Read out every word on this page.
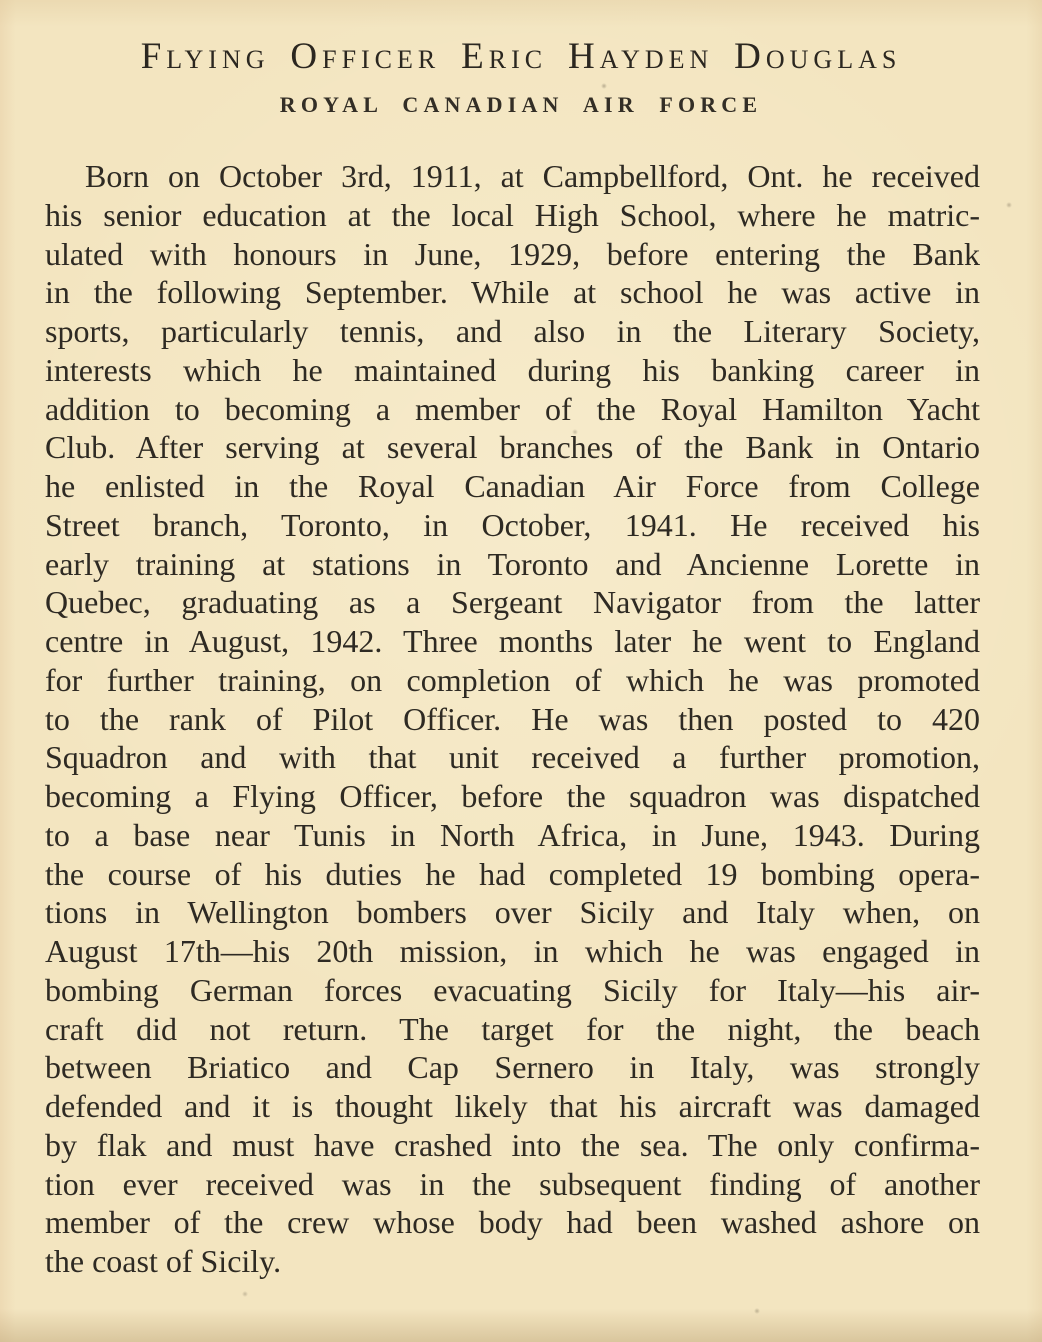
Flying Officer Eric Hayden Douglas
ROYAL CANADIAN AIR FORCE
Born on October 3rd, 1911, at Campbellford, Ont. he received
his senior education at the local High School, where he matric-
ulated with honours in June, 1929, before entering the Bank
in the following September. While at school he was active in
sports, particularly tennis, and also in the Literary Society,
interests which he maintained during his banking career in
addition to becoming a member of the Royal Hamilton Yacht
Club. After serving at several branches of the Bank in Ontario
he enlisted in the Royal Canadian Air Force from College
Street branch, Toronto, in October, 1941. He received his
early training at stations in Toronto and Ancienne Lorette in
Quebec, graduating as a Sergeant Navigator from the latter
centre in August, 1942. Three months later he went to England
for further training, on completion of which he was promoted
to the rank of Pilot Officer. He was then posted to 420
Squadron and with that unit received a further promotion,
becoming a Flying Officer, before the squadron was dispatched
to a base near Tunis in North Africa, in June, 1943. During
the course of his duties he had completed 19 bombing opera-
tions in Wellington bombers over Sicily and Italy when, on
August 17th—his 20th mission, in which he was engaged in
bombing German forces evacuating Sicily for Italy—his air-
craft did not return. The target for the night, the beach
between Briatico and Cap Sernero in Italy, was strongly
defended and it is thought likely that his aircraft was damaged
by flak and must have crashed into the sea. The only confirma-
tion ever received was in the subsequent finding of another
member of the crew whose body had been washed ashore on
the coast of Sicily.
